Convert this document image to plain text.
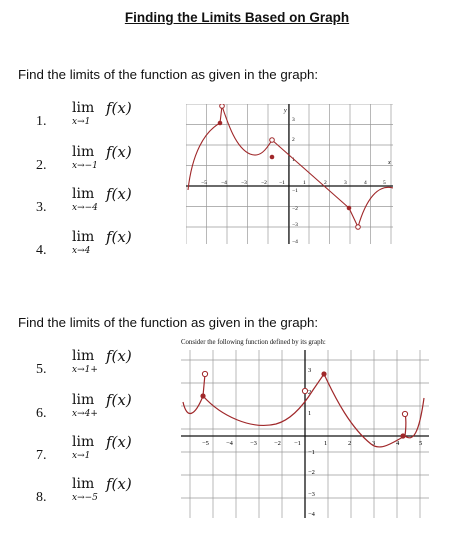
Finding the Limits Based on Graph
Find the limits of the function as given in the graph:
1.
lim
x→1
f(x)
2.
lim
x→−1
f(x)
3.
lim
x→−4
f(x)
4.
lim
x→4
f(x)
y
x
−5	−4	−3	−2 −1	1	2	3	4	5
3
2
1
−1
−2
−3
−4
Find the limits of the function as given in the graph:
Consider the following function defined by its graph:
5.
lim
x→1+
f(x)
6.
lim
x→4+
f(x)
7.
lim
x→1
f(x)
8.
lim
x→−5
f(x)
−5	−4	−3	−2 −1	1	2	3	4	5
3
2
1
−1
−2
−3
−4
